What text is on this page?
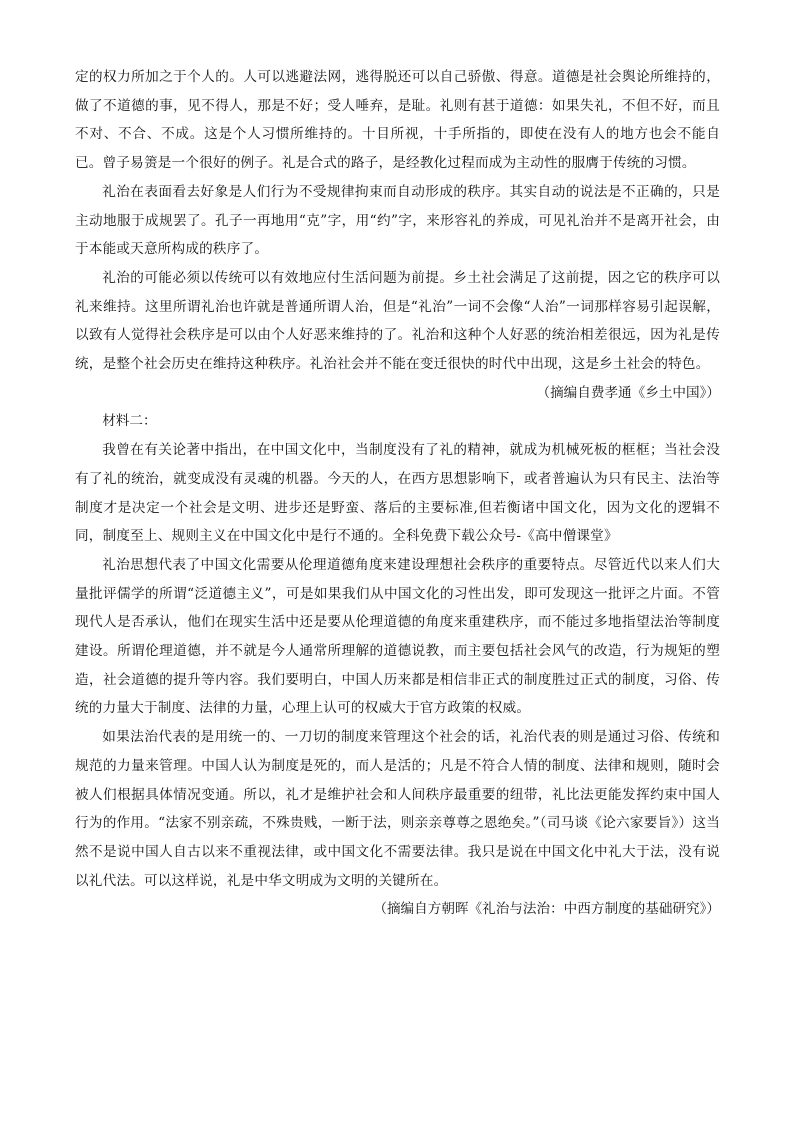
定的权力所加之于个人的。人可以逃避法网，逃得脱还可以自己骄傲、得意。道德是社会舆论所维持的，做了不道德的事，见不得人，那是不好；受人唾弃，是耻。礼则有甚于道德：如果失礼，不但不好，而且不对、不合、不成。这是个人习惯所维持的。十目所视，十手所指的，即使在没有人的地方也会不能自已。曾子易箦是一个很好的例子。礼是合式的路子，是经教化过程而成为主动性的服膺于传统的习惯。

礼治在表面看去好象是人们行为不受规律拘束而自动形成的秩序。其实自动的说法是不正确的，只是主动地服于成规罢了。孔子一再地用“克”字，用“约”字，来形容礼的养成，可见礼治并不是离开社会，由于本能或天意所构成的秩序了。

礼治的可能必须以传统可以有效地应付生活问题为前提。乡土社会满足了这前提，因之它的秩序可以礼来维持。这里所谓礼治也许就是普通所谓人治，但是“礼治”一词不会像“人治”一词那样容易引起误解，以致有人觉得社会秩序是可以由个人好恶来维持的了。礼治和这种个人好恶的统治相差很远，因为礼是传统，是整个社会历史在维持这种秩序。礼治社会并不能在变迁很快的时代中出现，这是乡土社会的特色。

（摘编自费孝通《乡土中国》）

材料二：

我曾在有关论著中指出，在中国文化中，当制度没有了礼的精神，就成为机械死板的框框；当社会没有了礼的统治，就变成没有灵魂的机器。今天的人，在西方思想影响下，或者普遍认为只有民主、法治等制度才是决定一个社会是文明、进步还是野蛮、落后的主要标准,但若衡诸中国文化，因为文化的逻辑不同，制度至上、规则主义在中国文化中是行不通的。全科免费下载公众号-《高中僧课堂》

礼治思想代表了中国文化需要从伦理道德角度来建设理想社会秩序的重要特点。尽管近代以来人们大量批评儒学的所谓“泛道德主义”，可是如果我们从中国文化的习性出发，即可发现这一批评之片面。不管现代人是否承认，他们在现实生活中还是要从伦理道德的角度来重建秩序，而不能过多地指望法治等制度建设。所谓伦理道德，并不就是今人通常所理解的道德说教，而主要包括社会风气的改造，行为规矩的塑造，社会道德的提升等内容。我们要明白，中国人历来都是相信非正式的制度胜过正式的制度，习俗、传统的力量大于制度、法律的力量，心理上认可的权威大于官方政策的权威。

如果法治代表的是用统一的、一刀切的制度来管理这个社会的话，礼治代表的则是通过习俗、传统和规范的力量来管理。中国人认为制度是死的，而人是活的；凡是不符合人情的制度、法律和规则，随时会被人们根据具体情况变通。所以，礼才是维护社会和人间秩序最重要的纽带，礼比法更能发挥约束中国人行为的作用。“法家不别亲疏，不殊贵贱，一断于法，则亲亲尊尊之恩绝矣。”（司马谈《论六家要旨》）这当然不是说中国人自古以来不重视法律，或中国文化不需要法律。我只是说在中国文化中礼大于法，没有说以礼代法。可以这样说，礼是中华文明成为文明的关键所在。

（摘编自方朝晖《礼治与法治：中西方制度的基础研究》）
